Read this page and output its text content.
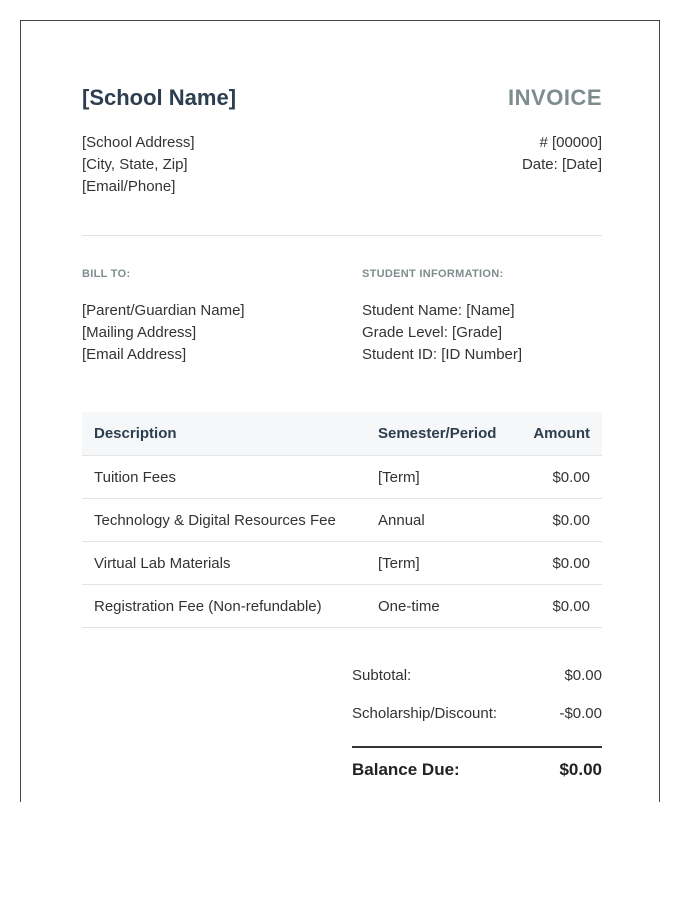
[School Name]	INVOICE
[School Address]
[City, State, Zip]
[Email/Phone]
# [00000]
Date: [Date]
BILL TO:	STUDENT INFORMATION:
[Parent/Guardian Name]
[Mailing Address]
[Email Address]
Student Name: [Name]
Grade Level: [Grade]
Student ID: [ID Number]
Description	Semester/Period	Amount
Tuition Fees	[Term]	$0.00
Technology & Digital Resources Fee	Annual	$0.00
Virtual Lab Materials	[Term]	$0.00
Registration Fee (Non-refundable)	One-time	$0.00
Subtotal:	$0.00
Scholarship/Discount:	-$0.00
Balance Due:	$0.00
